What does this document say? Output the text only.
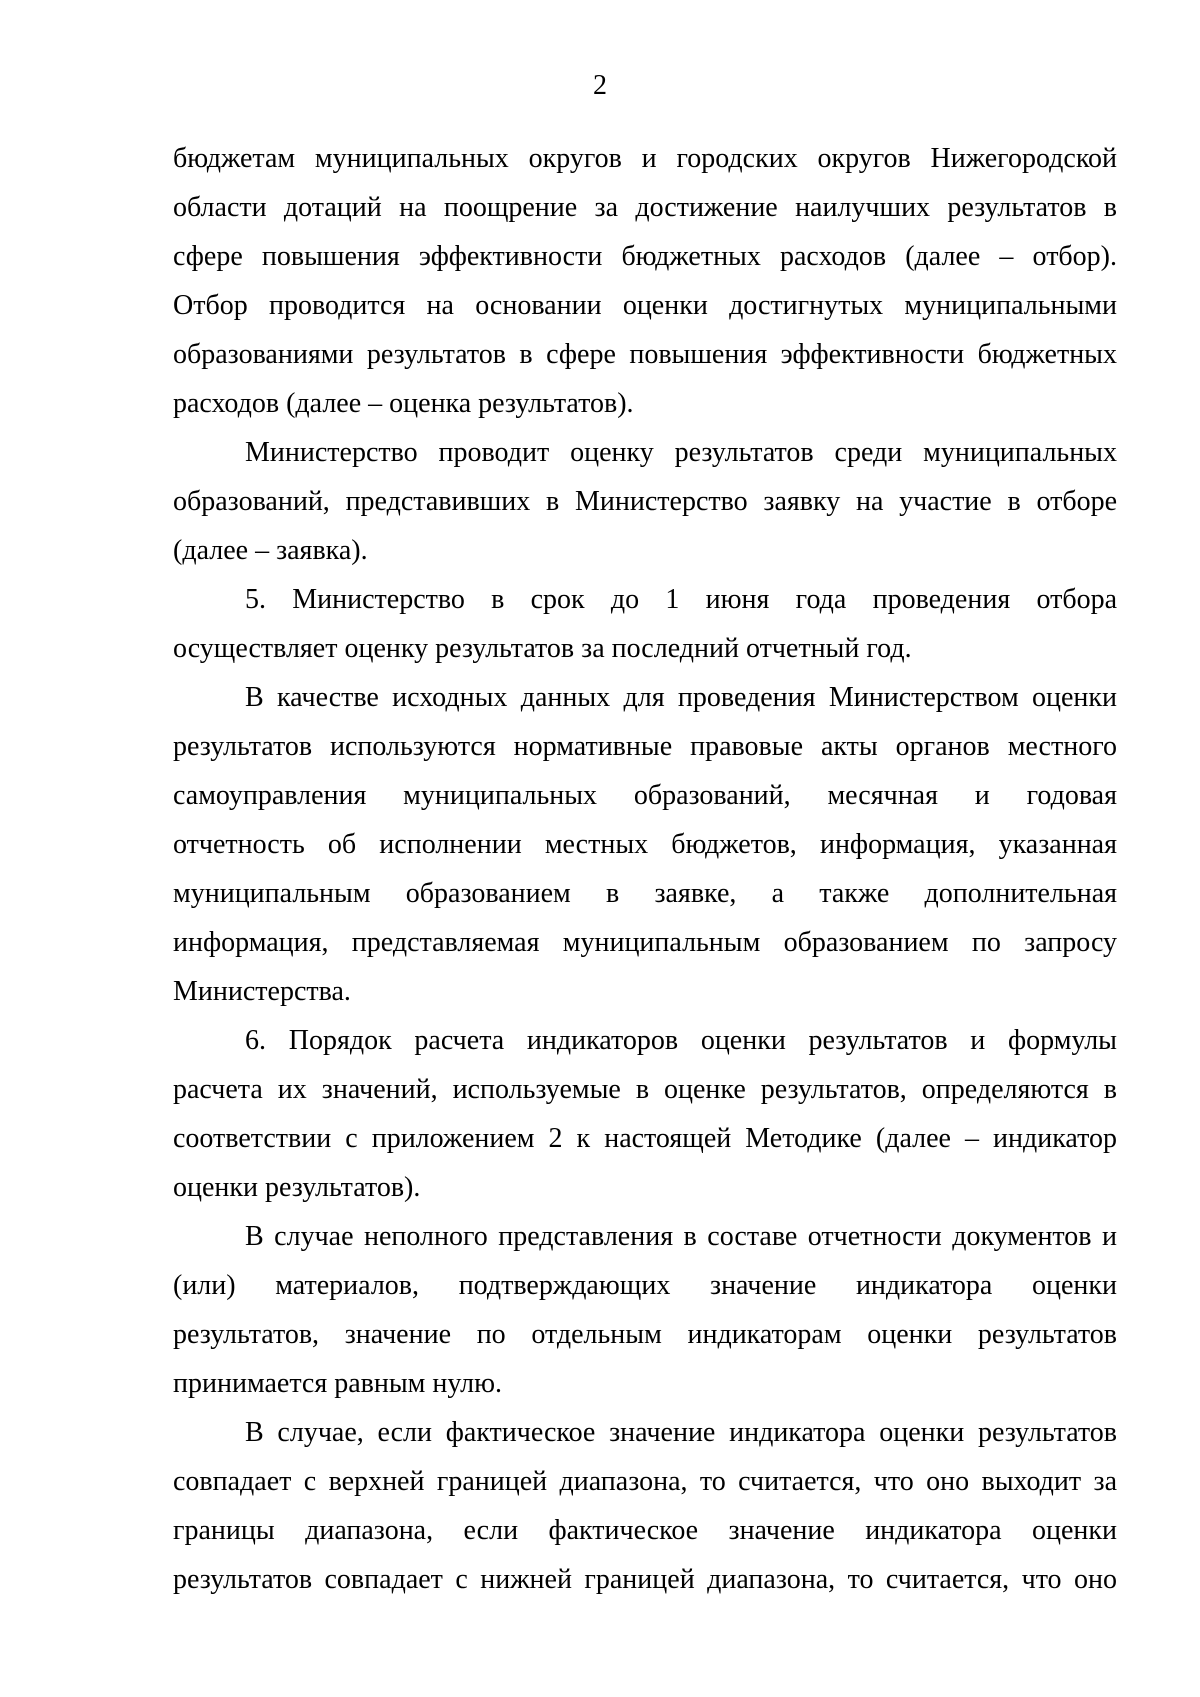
2
бюджетам муниципальных округов и городских округов Нижегородской
области дотаций на поощрение за достижение наилучших результатов в
сфере повышения эффективности бюджетных расходов (далее – отбор).
Отбор проводится на основании оценки достигнутых муниципальными
образованиями результатов в сфере повышения эффективности бюджетных
расходов (далее – оценка результатов).
Министерство проводит оценку результатов среди муниципальных
образований, представивших в Министерство заявку на участие в отборе
(далее – заявка).
5. Министерство в срок до 1 июня года проведения отбора
осуществляет оценку результатов за последний отчетный год.
В качестве исходных данных для проведения Министерством оценки
результатов используются нормативные правовые акты органов местного
самоуправления муниципальных образований, месячная и годовая
отчетность об исполнении местных бюджетов, информация, указанная
муниципальным образованием в заявке, а также дополнительная
информация, представляемая муниципальным образованием по запросу
Министерства.
6. Порядок расчета индикаторов оценки результатов и формулы
расчета их значений, используемые в оценке результатов, определяются в
соответствии с приложением 2 к настоящей Методике (далее – индикатор
оценки результатов).
В случае неполного представления в составе отчетности документов и
(или) материалов, подтверждающих значение индикатора оценки
результатов, значение по отдельным индикаторам оценки результатов
принимается равным нулю.
В случае, если фактическое значение индикатора оценки результатов
совпадает с верхней границей диапазона, то считается, что оно выходит за
границы диапазона, если фактическое значение индикатора оценки
результатов совпадает с нижней границей диапазона, то считается, что оно
